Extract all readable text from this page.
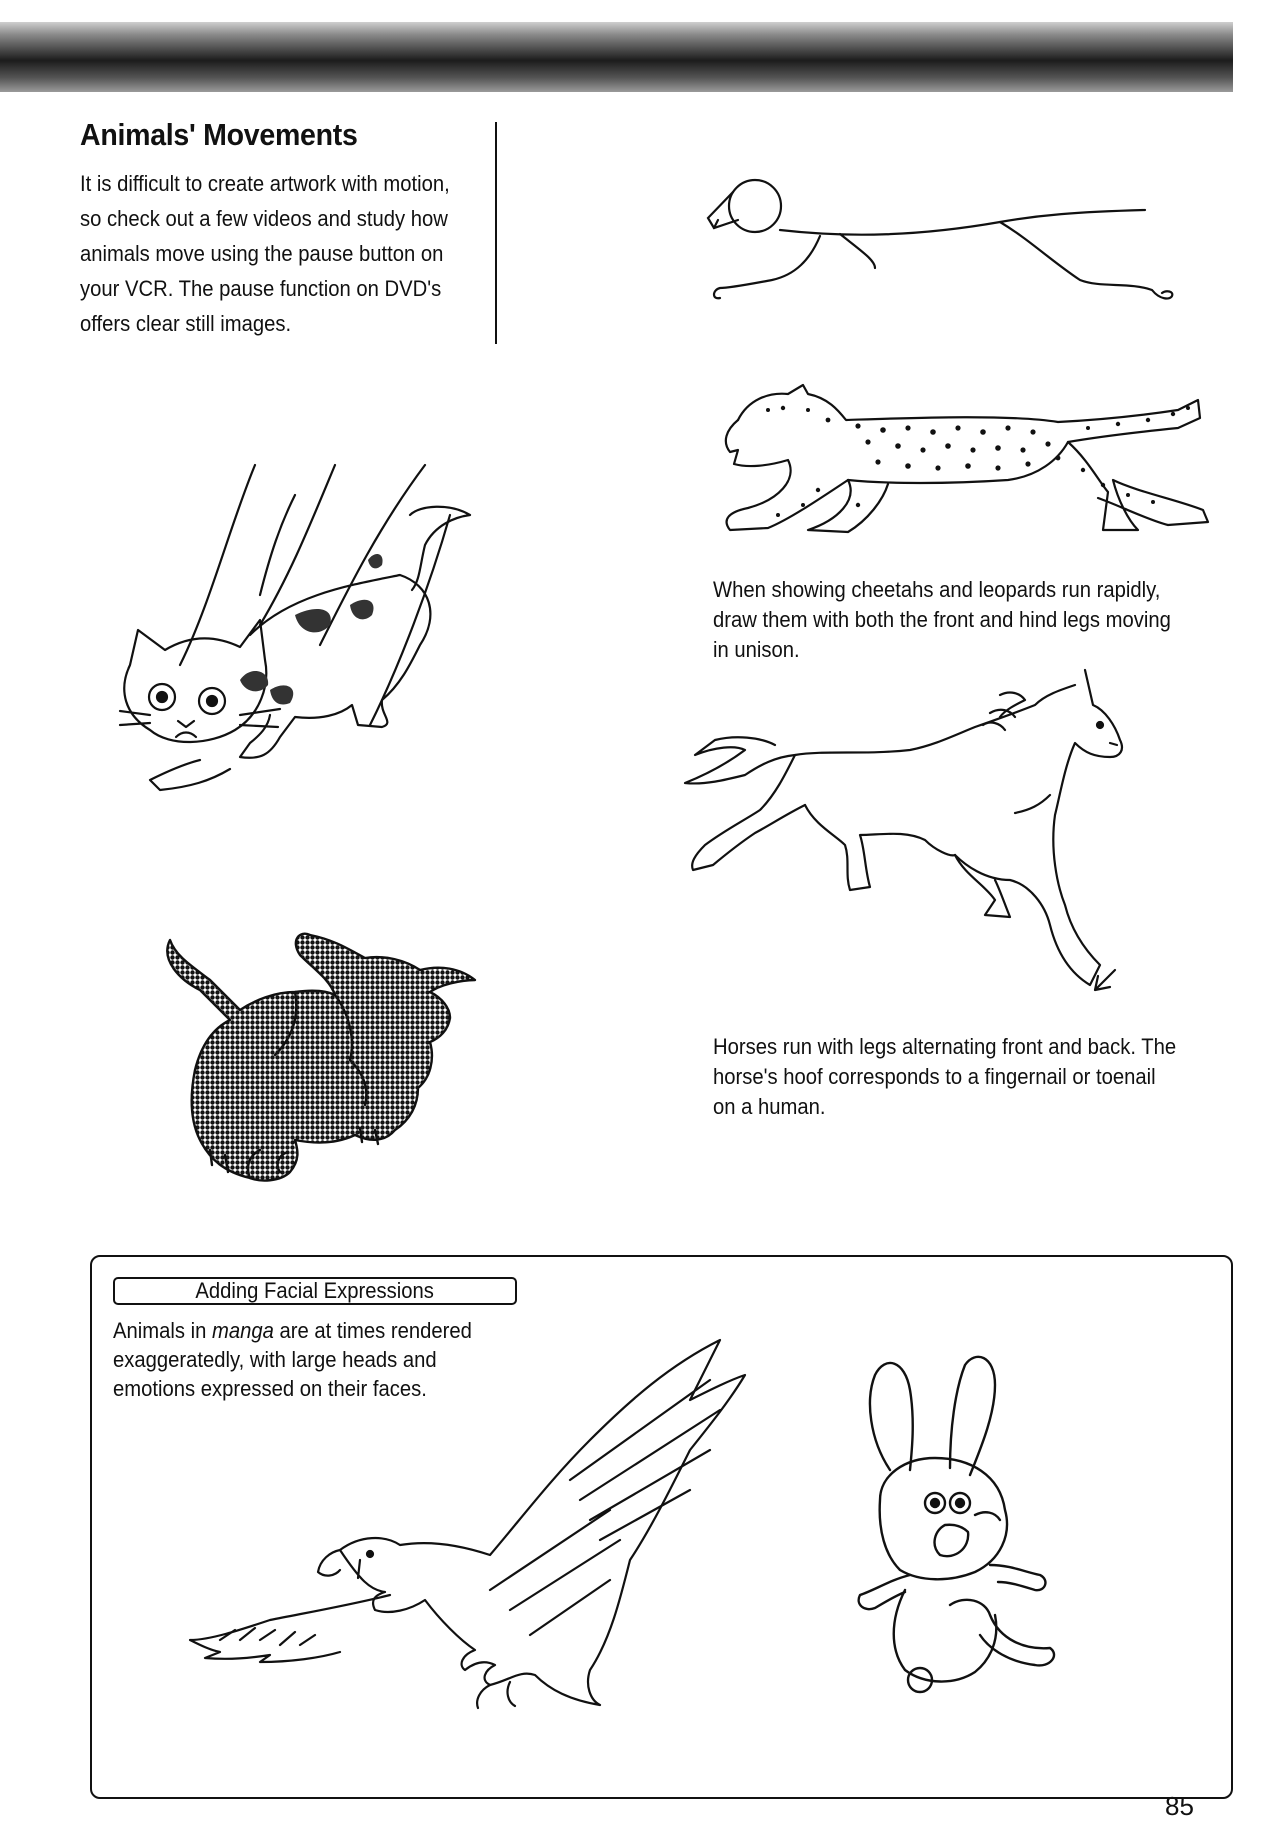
Animals' Movements

It is difficult to create artwork with motion,
so check out a few videos and study how
animals move using the pause button on
your VCR. The pause function on DVD's
offers clear still images.

When showing cheetahs and leopards run rapidly,
draw them with both the front and hind legs moving
in unison.

Horses run with legs alternating front and back. The
horse's hoof corresponds to a fingernail or toenail
on a human.

Adding Facial Expressions

Animals in manga are at times rendered exaggeratedly, with large heads and emotions expressed on their faces.

85
